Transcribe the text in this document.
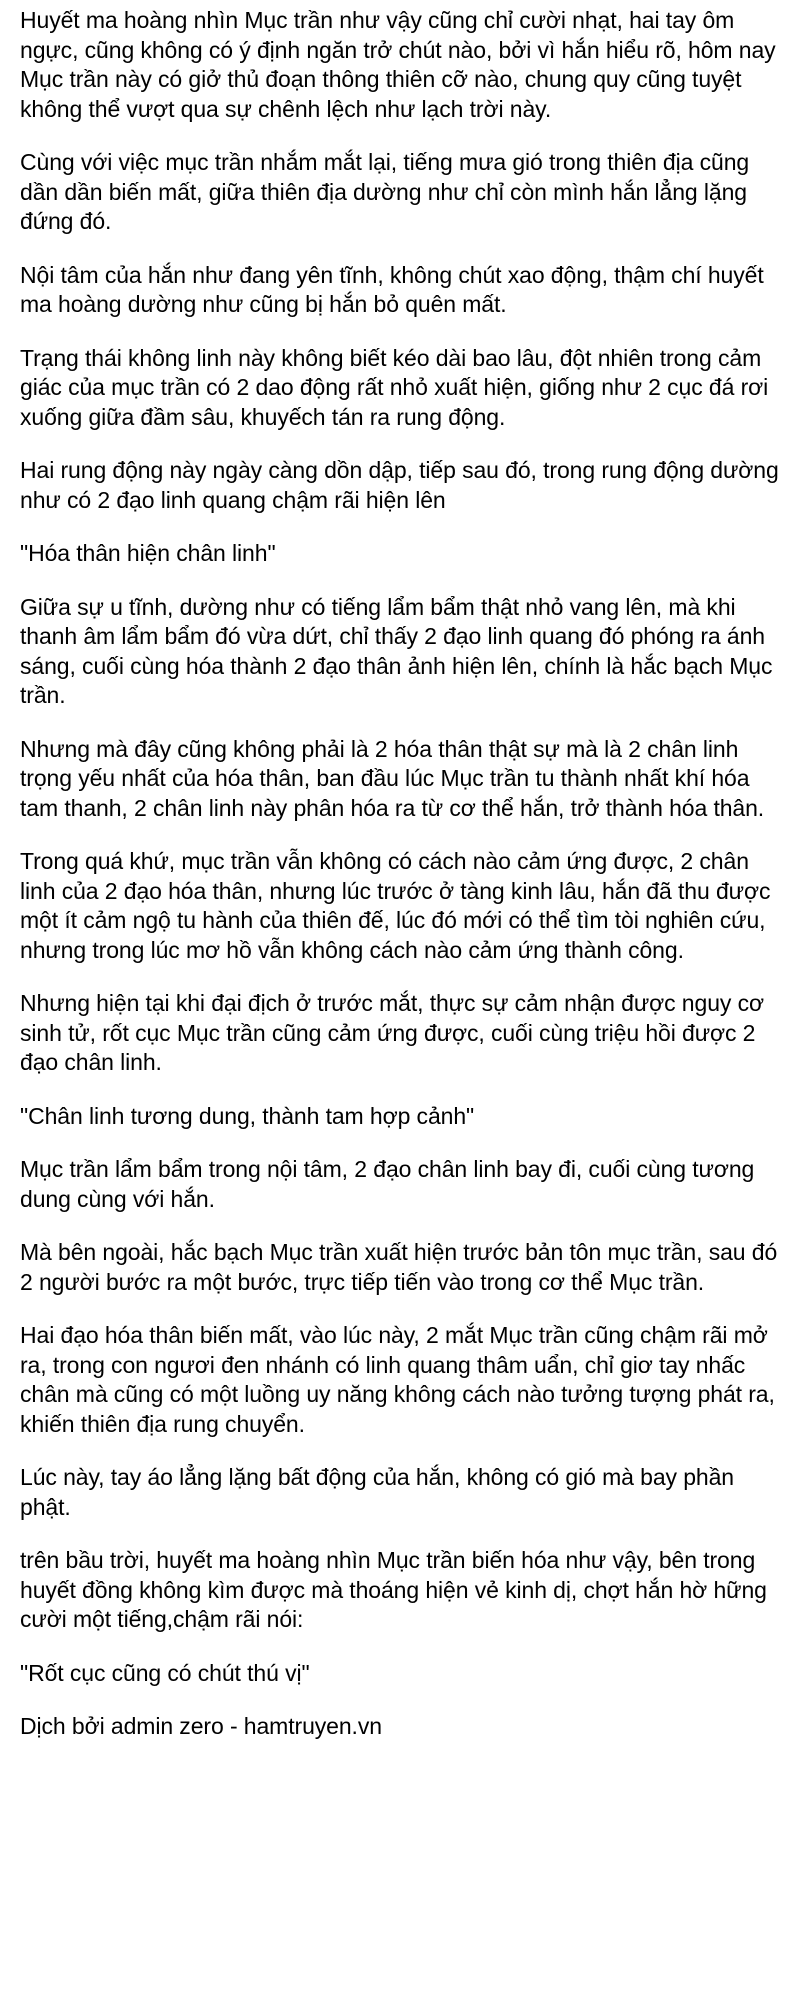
Huyết ma hoàng nhìn Mục trần như vậy cũng chỉ cười nhạt, hai tay ôm ngực, cũng không có ý định ngăn trở chút nào, bởi vì hắn hiểu rõ, hôm nay Mục trần này có giở thủ đoạn thông thiên cỡ nào, chung quy cũng tuyệt không thể vượt qua sự chênh lệch như lạch trời này.

Cùng với việc mục trần nhắm mắt lại, tiếng mưa gió trong thiên địa cũng dần dần biến mất, giữa thiên địa dường như chỉ còn mình hắn lẳng lặng đứng đó.

Nội tâm của hắn như đang yên tĩnh, không chút xao động, thậm chí huyết ma hoàng dường như cũng bị hắn bỏ quên mất.

Trạng thái không linh này không biết kéo dài bao lâu, đột nhiên trong cảm giác của mục trần có 2 dao động rất nhỏ xuất hiện, giống như 2 cục đá rơi xuống giữa đầm sâu, khuyếch tán ra rung động.

Hai rung động này ngày càng dồn dập, tiếp sau đó, trong rung động dường như có 2 đạo linh quang chậm rãi hiện lên

"Hóa thân hiện chân linh"

Giữa sự u tĩnh, dường như có tiếng lẩm bẩm thật nhỏ vang lên, mà khi thanh âm lẩm bẩm đó vừa dứt, chỉ thấy 2 đạo linh quang đó phóng ra ánh sáng, cuối cùng hóa thành 2 đạo thân ảnh hiện lên, chính là hắc bạch Mục trần.

Nhưng mà đây cũng không phải là 2 hóa thân thật sự mà là 2 chân linh trọng yếu nhất của hóa thân, ban đầu lúc Mục trần tu thành nhất khí hóa tam thanh, 2 chân linh này phân hóa ra từ cơ thể hắn, trở thành hóa thân.

Trong quá khứ, mục trần vẫn không có cách nào cảm ứng được, 2 chân linh của 2 đạo hóa thân, nhưng lúc trước ở tàng kinh lâu, hắn đã thu được một ít cảm ngộ tu hành của thiên đế, lúc đó mới có thể tìm tòi nghiên cứu, nhưng trong lúc mơ hồ vẫn không cách nào cảm ứng thành công.

Nhưng hiện tại khi đại địch ở trước mắt, thực sự cảm nhận được nguy cơ sinh tử, rốt cục Mục trần cũng cảm ứng được, cuối cùng triệu hồi được 2 đạo chân linh.

"Chân linh tương dung, thành tam hợp cảnh"

Mục trần lẩm bẩm trong nội tâm, 2 đạo chân linh bay đi, cuối cùng tương dung cùng với hắn.

Mà bên ngoài, hắc bạch Mục trần xuất hiện trước bản tôn mục trần, sau đó 2 người bước ra một bước, trực tiếp tiến vào trong cơ thể Mục trần.

Hai đạo hóa thân biến mất, vào lúc này, 2 mắt Mục trần cũng chậm rãi mở ra, trong con ngươi đen nhánh có linh quang thâm uẩn, chỉ giơ tay nhấc chân mà cũng có một luồng uy năng không cách nào tưởng tượng phát ra, khiến thiên địa rung chuyển.

Lúc này, tay áo lẳng lặng bất động của hắn, không có gió mà bay phần phật.

trên bầu trời, huyết ma hoàng nhìn Mục trần biến hóa như vậy, bên trong huyết đồng không kìm được mà thoáng hiện vẻ kinh dị, chợt hắn hờ hững cười một tiếng,chậm rãi nói:

"Rốt cục cũng có chút thú vị"

Dịch bởi admin zero - hamtruyen.vn
